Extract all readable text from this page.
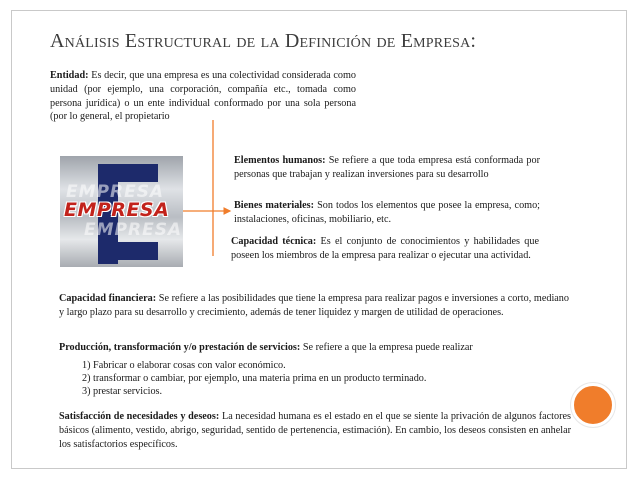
Análisis Estructural de la Definición de Empresa:
Entidad: Es decir, que una empresa es una colectividad considerada como unidad (por ejemplo, una corporación, compañía etc., tomada como persona jurídica) o un ente individual conformado por una sola persona (por lo general, el propietario
EMPRESA
EMPRESA
EMPRESA
Elementos humanos: Se refiere a que toda empresa está conformada por personas que trabajan y realizan inversiones para su desarrollo
Bienes materiales: Son todos los elementos que posee la empresa, como; instalaciones, oficinas, mobiliario, etc.
Capacidad técnica: Es el conjunto de conocimientos y habilidades que poseen los miembros de la empresa para realizar o ejecutar una actividad.
Capacidad financiera: Se refiere a las posibilidades que tiene la empresa para realizar pagos e inversiones a corto, mediano y largo plazo para su desarrollo y crecimiento, además de tener liquidez y margen de utilidad de operaciones.
Producción, transformación y/o prestación de servicios: Se refiere a que la empresa puede realizar
1) Fabricar o elaborar cosas con valor económico.
2) transformar o cambiar, por ejemplo, una materia prima en un producto terminado.
3) prestar servicios.
Satisfacción de necesidades y deseos: La necesidad humana es el estado en el que se siente la privación de algunos factores básicos (alimento, vestido, abrigo, seguridad, sentido de pertenencia, estimación). En cambio, los deseos consisten en anhelar los satisfactorios específicos.
